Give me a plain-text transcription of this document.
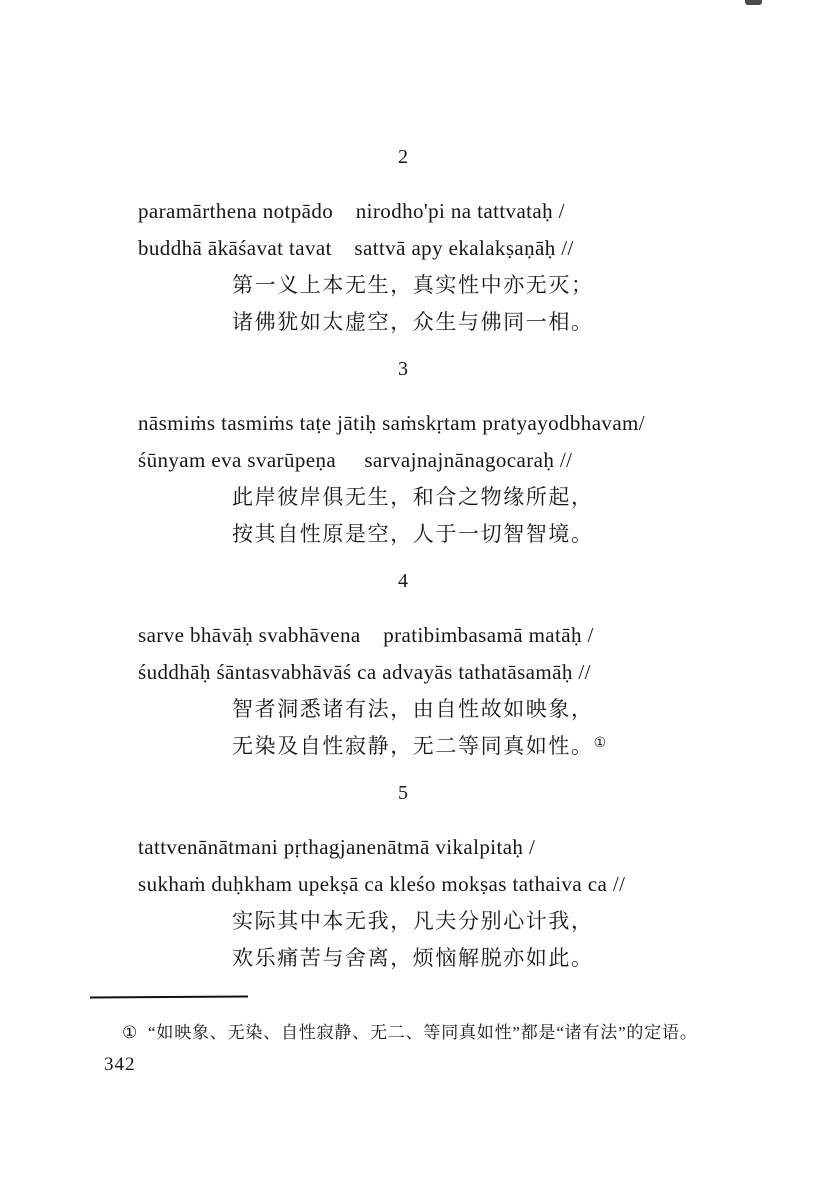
2

paramārthena notpādo    nirodho'pi na tattvataḥ /

buddhā ākāśavat tavat    sattvā apy ekalakṣaṇāḥ //

第一义上本无生，真实性中亦无灭；

诸佛犹如太虚空，众生与佛同一相。

3

nāsmiṁs tasmiṁs taṭe jātiḥ saṁskṛtam pratyayodbhavam/

śūnyam eva svarūpeṇa     sarvajnajnānagocaraḥ //

此岸彼岸俱无生，和合之物缘所起，

按其自性原是空，人于一切智智境。

4

sarve bhāvāḥ svabhāvena    pratibimbasamā matāḥ /

śuddhāḥ śāntasvabhāvāś ca advayās tathatāsamāḥ //

智者洞悉诸有法，由自性故如映象，

无染及自性寂静，无二等同真如性。①

5

tattvenānātmani pṛthagjanenātmā vikalpitaḥ /

sukhaṁ duḥkham upekṣā ca kleśo mokṣas tathaiva ca //

实际其中本无我，凡夫分别心计我，

欢乐痛苦与舍离，烦恼解脱亦如此。

① “如映象、无染、自性寂静、无二、等同真如性”都是“诸有法”的定语。

342
